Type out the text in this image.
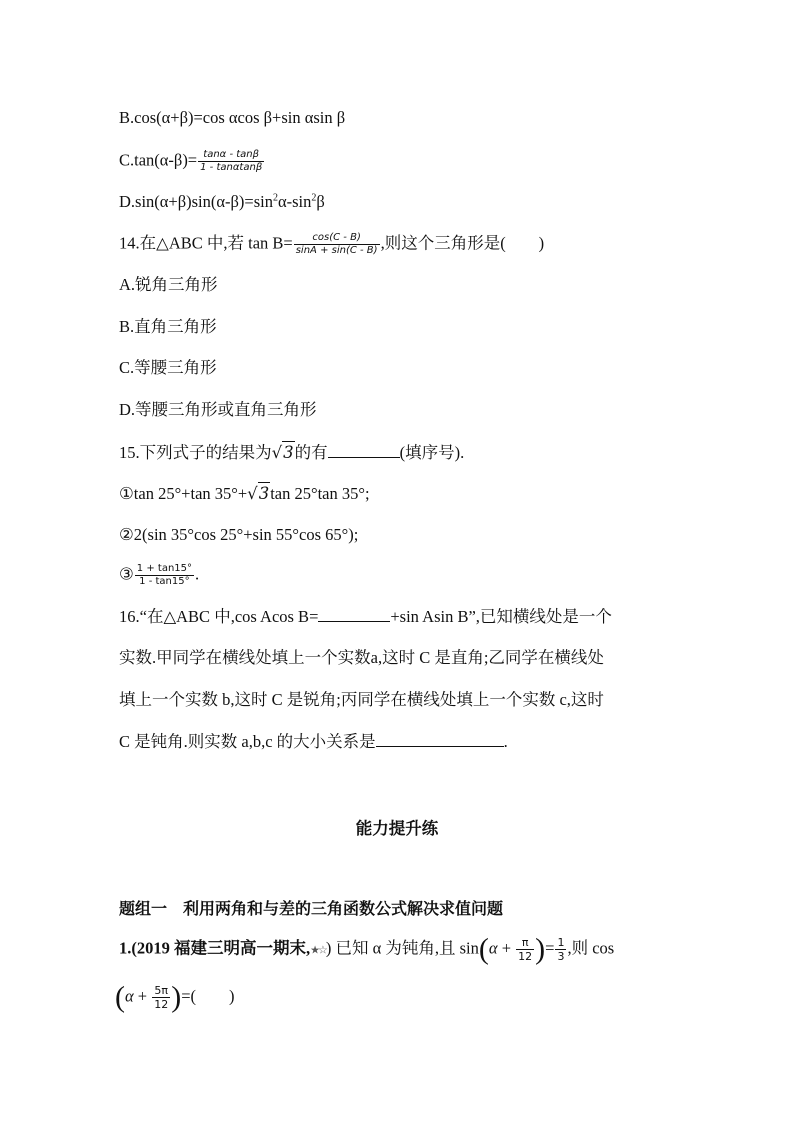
B.cos(α+β)=cos αcos β+sin αsin β
$C.\tan(\alpha-\beta)= \frac{\tan\alpha - \tan\beta}{1 - \tan\alpha\tan\beta}$
$D.\sin(\alpha+\beta)\sin(\alpha-\beta)=\sin^2\alpha-\sin^2\beta$
14.在△ABC 中,若 $\tan B= \frac{\cos(C - B)}{\sin A + \sin(C - B)}$ ,则这个三角形是(　　)
A.锐角三角形
B.直角三角形
C.等腰三角形
D.等腰三角形或直角三角形
15.下列式子的结果为√3的有	(填序号).
①tan 25°+tan 35°+√3tan 25°tan 35°;
②2(sin 35°cos 25°+sin 55°cos 65°);
③ $\frac{1 + \tan 15^\circ}{1 - \tan 15^\circ}$ .
16.“在△ABC 中,cos Acos B=	+sin Asin B”,已知横线处是一个
实数.甲同学在横线处填上一个实数a,这时 C 是直角;乙同学在横线处
填上一个实数 b,这时 C 是锐角;丙同学在横线处填上一个实数 c,这时
C 是钝角.则实数 a,b,c 的大小关系是	.
能力提升练
题组一　利用两角和与差的三角函数公式解决求值问题
1.(2019 福建三明高一期末,★☆) 已知 α 为钝角,且 $\sin(\alpha + \frac{\pi}{12}$ )= $\frac{1}{3}$ ,则 cos
($\alpha + \frac{5\pi}{12}$ )=(　　)
